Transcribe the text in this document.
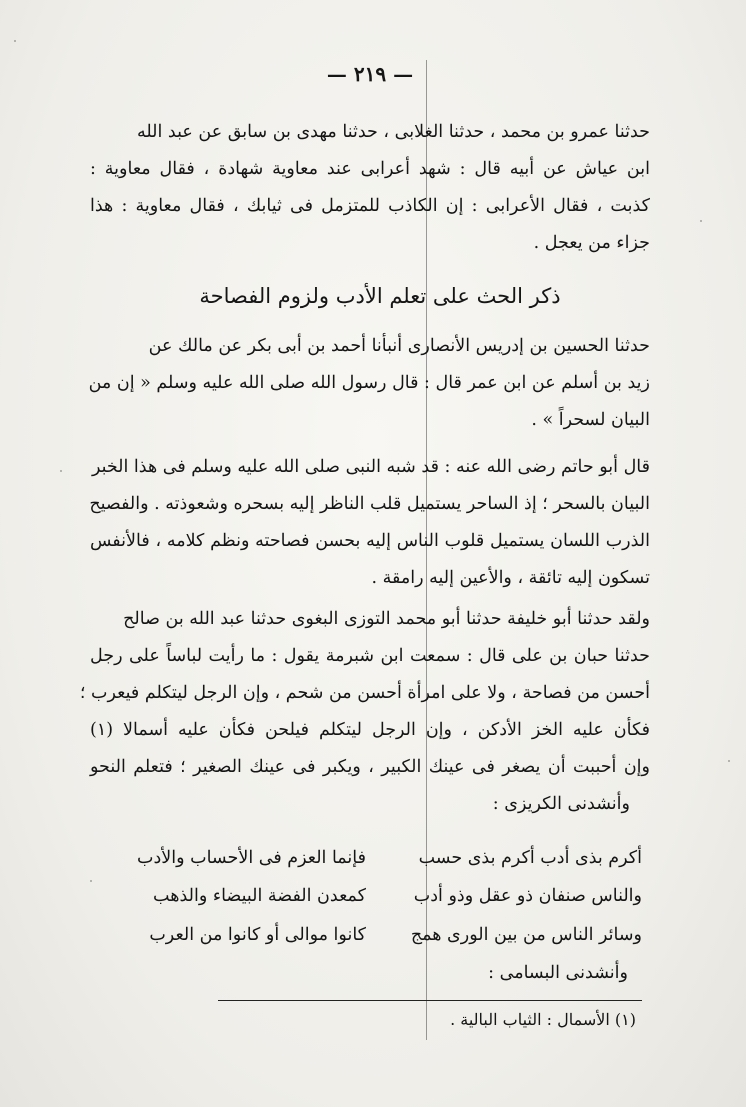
— ٢١٩ —
حدثنا عمرو بن محمد ، حدثنا الغلابى ، حدثنا مهدى بن سابق عن عبد الله
ابن عياش عن أبيه قال : شهد أعرابى عند معاوية شهادة ، فقال معاوية :
كذبت ، فقال الأعرابى : إن الكاذب للمتزمل فى ثيابك ، فقال معاوية : هذا
جزاء من يعجل .
ذكر الحث على تعلم الأدب ولزوم الفصاحة
حدثنا الحسين بن إدريس الأنصارى أنبأنا أحمد بن أبى بكر عن مالك عن
زيد بن أسلم عن ابن عمر قال : قال رسول الله صلى الله عليه وسلم « إن من
البيان لسحراً » .
قال أبو حاتم رضى الله عنه : قد شبه النبى صلى الله عليه وسلم فى هذا الخبر
البيان بالسحر ؛ إذ الساحر يستميل قلب الناظر إليه بسحره وشعوذته . والفصيح
الذرب اللسان يستميل قلوب الناس إليه بحسن فصاحته ونظم كلامه ، فالأنفس
تسكون إليه تائقة ، والأعين إليه رامقة .
ولقد حدثنا أبو خليفة حدثنا أبو محمد التوزى البغوى حدثنا عبد الله بن صالح
حدثنا حبان بن على قال : سمعت ابن شبرمة يقول : ما رأيت لباساً على رجل
أحسن من فصاحة ، ولا على امرأة أحسن من شحم ، وإن الرجل ليتكلم فيعرب ؛
فكأن عليه الخز الأدكن ، وإن الرجل ليتكلم فيلحن فكأن عليه أسمالا (١)
وإن أحببت أن يصغر فى عينك الكبير ، ويكبر فى عينك الصغير ؛ فتعلم النحو
وأنشدنى الكريزى :
أكرم بذى أدب أكرم بذى حسب
فإنما العزم فى الأحساب والأدب
والناس صنفان ذو عقل وذو أدب
كمعدن الفضة البيضاء والذهب
وسائر الناس من بين الورى همج
كانوا موالى أو كانوا من العرب
وأنشدنى البسامى :
(١) الأسمال : الثياب البالية .
